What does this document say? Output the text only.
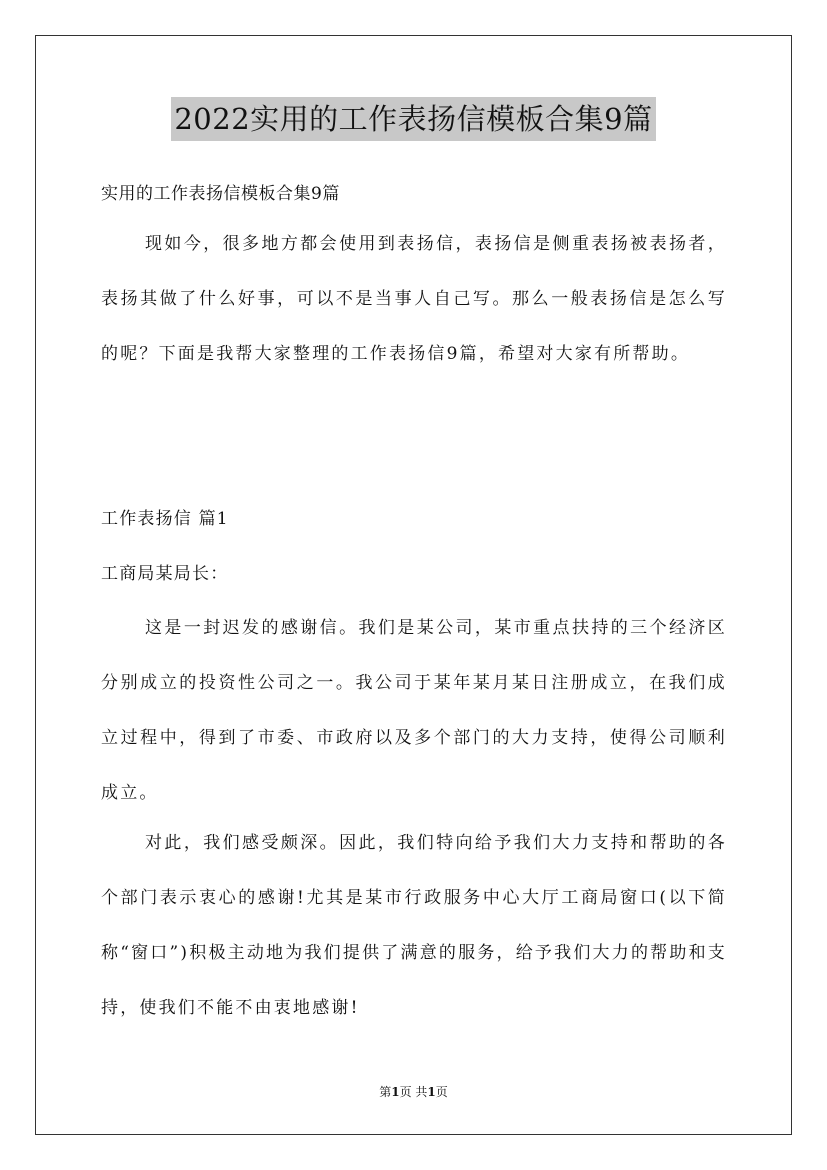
2022实用的工作表扬信模板合集9篇
实用的工作表扬信模板合集9篇

现如今，很多地方都会使用到表扬信，表扬信是侧重表扬被表扬者，表扬其做了什么好事，可以不是当事人自己写。那么一般表扬信是怎么写的呢？下面是我帮大家整理的工作表扬信9篇，希望对大家有所帮助。

工作表扬信 篇1
工商局某局长：

这是一封迟发的感谢信。我们是某公司，某市重点扶持的三个经济区分别成立的投资性公司之一。我公司于某年某月某日注册成立，在我们成立过程中，得到了市委、市政府以及多个部门的大力支持，使得公司顺利成立。

对此，我们感受颇深。因此，我们特向给予我们大力支持和帮助的各个部门表示衷心的感谢!尤其是某市行政服务中心大厅工商局窗口(以下简称“窗口”)积极主动地为我们提供了满意的服务，给予我们大力的帮助和支持，使我们不能不由衷地感谢!

第1页 共1页
